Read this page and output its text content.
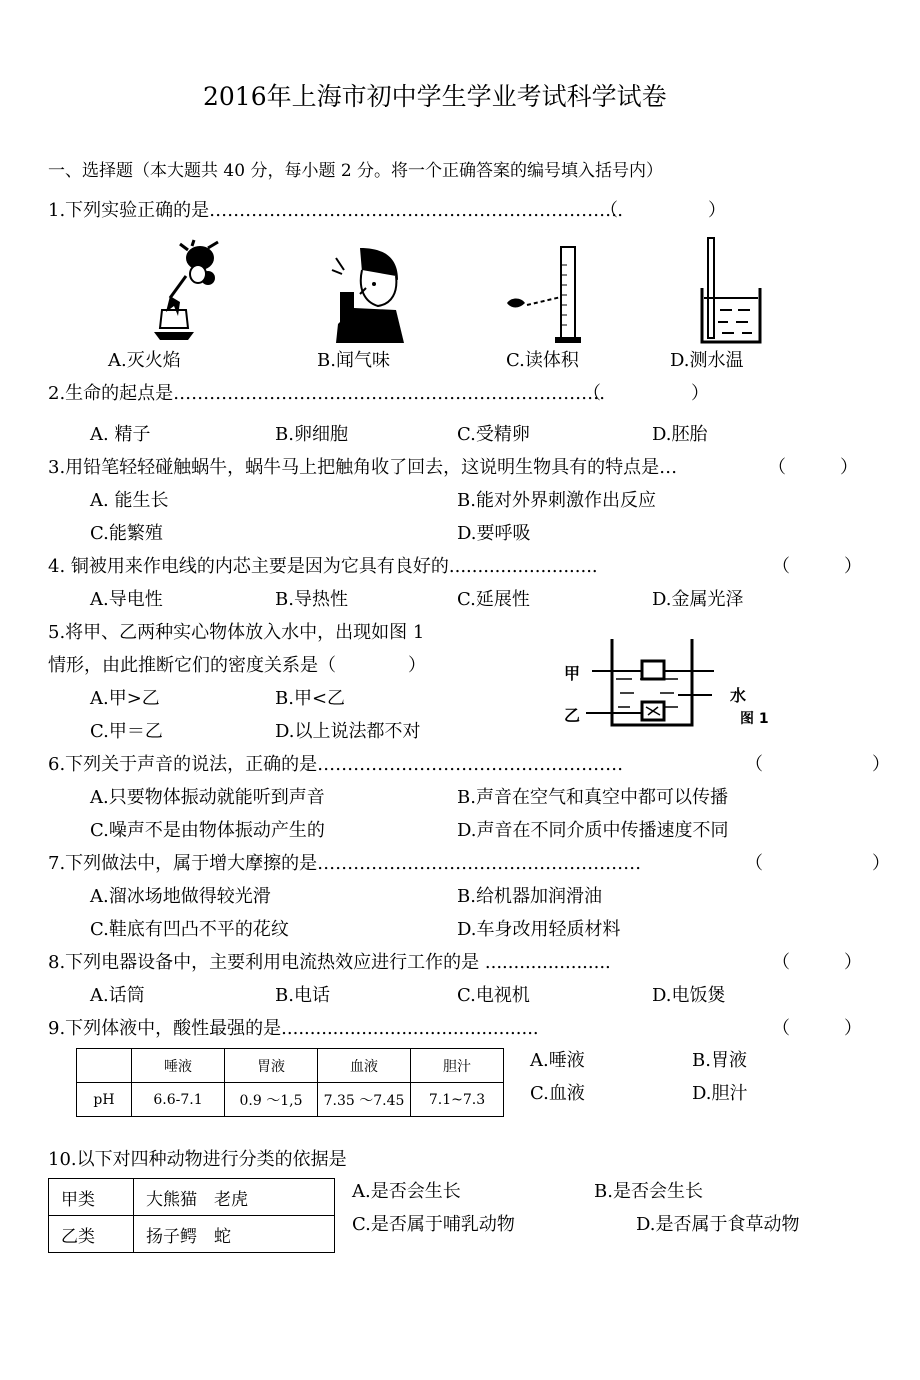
2016年上海市初中学生学业考试科学试卷
一、选择题（本大题共 40 分，每小题 2 分。将一个正确答案的编号填入括号内）
1.下列实验正确的是……………………………………………………………
（　　　　　）
A.灭火焰	B.闻气味	C.读体积	D.测水温
2.生命的起点是………………………………………………………………
（　　　　　）
A. 精子	B.卵细胞	C.受精卵	D.胚胎
3.用铅笔轻轻碰触蜗牛，蜗牛马上把触角收了回去，这说明生物具有的特点是…	（　　　）
A. 能生长	B.能对外界刺激作出反应
C.能繁殖	D.要呼吸
4. 铜被用来作电线的内芯主要是因为它具有良好的..........................	（　　　）
A.导电性	B.导热性	C.延展性	D.金属光泽
5.将甲、乙两种实心物体放入水中，出现如图 1
情形，由此推断它们的密度关系是（　　　　）
A.甲>乙	B.甲<乙
C.甲＝乙	D.以上说法都不对
甲
乙
水
图 1
6.下列关于声音的说法，正确的是……………………………………………	（	）
A.只要物体振动就能听到声音	B.声音在空气和真空中都可以传播
C.噪声不是由物体振动产生的	D.声音在不同介质中传播速度不同
7.下列做法中，属于增大摩擦的是………………………………………………	（	）
A.溜冰场地做得较光滑	B.给机器加润滑油
C.鞋底有凹凸不平的花纹	D.车身改用轻质材料
8.下列电器设备中，主要利用电流热效应进行工作的是 ......................	（　　　）
A.话筒	B.电话	C.电视机	D.电饭煲
9.下列体液中，酸性最强的是.............................................	（　　　）
	唾液	胃液	血液	胆汁
pH	6.6-7.1	0.9 ～1,5	7.35 ～7.45	7.1~7.3
A.唾液	B.胃液
C.血液	D.胆汁
10.以下对四种动物进行分类的依据是
甲类	大熊猫　老虎
乙类	扬子鳄　蛇
A.是否会生长	B.是否会生长
C.是否属于哺乳动物	D.是否属于食草动物
